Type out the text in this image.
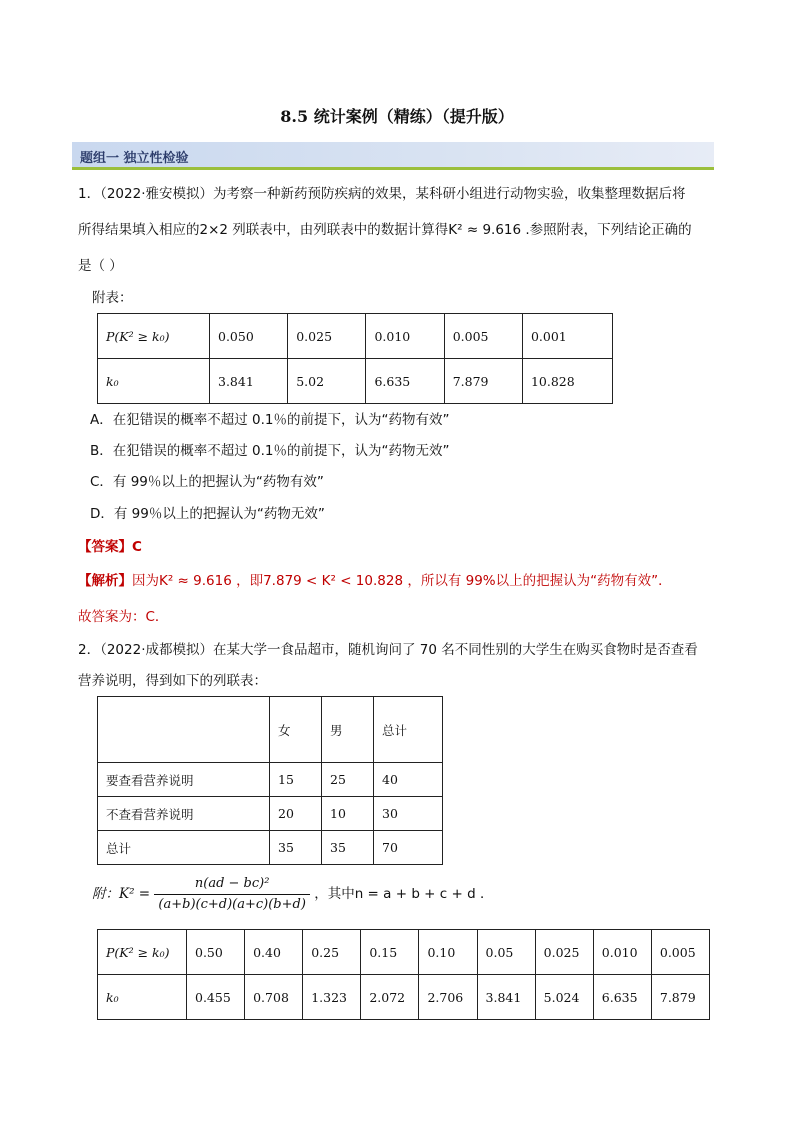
8.5 统计案例（精练）（提升版）
题组一 独立性检验
1．（2022·雅安模拟）为考察一种新药预防疾病的效果，某科研小组进行动物实验，收集整理数据后将
所得结果填入相应的2×2 列联表中，由列联表中的数据计算得K² ≈ 9.616 .参照附表，下列结论正确的
是（ ）
附表：
P(K² ≥ k₀)	0.050	0.025	0.010	0.005	0.001
k₀	3.841	5.02	6.635	7.879	10.828
A．在犯错误的概率不超过 0.1％的前提下，认为“药物有效”
B．在犯错误的概率不超过 0.1％的前提下，认为“药物无效”
C．有 99％以上的把握认为“药物有效”
D．有 99％以上的把握认为“药物无效”
【答案】C
【解析】因为K² ≈ 9.616 ，即7.879 < K² < 10.828 ，所以有 99%以上的把握认为“药物有效”．
故答案为：C．
2．（2022·成都模拟）在某大学一食品超市，随机询问了 70 名不同性别的大学生在购买食物时是否查看
营养说明，得到如下的列联表：
	女	男	总计
要查看营养说明	15	25	40
不查看营养说明	20	10	30
总计	35	35	70
附：$K^2 = \frac{\text{n(ad − bc)²}}{(a+b)(c+d)(a+c)(b+d)}$ ，其中n = a + b + c + d ．
P(K² ≥ k₀)	0.50	0.40	0.25	0.15	0.10	0.05	0.025	0.010	0.005
k₀	0.455	0.708	1.323	2.072	2.706	3.841	5.024	6.635	7.879
